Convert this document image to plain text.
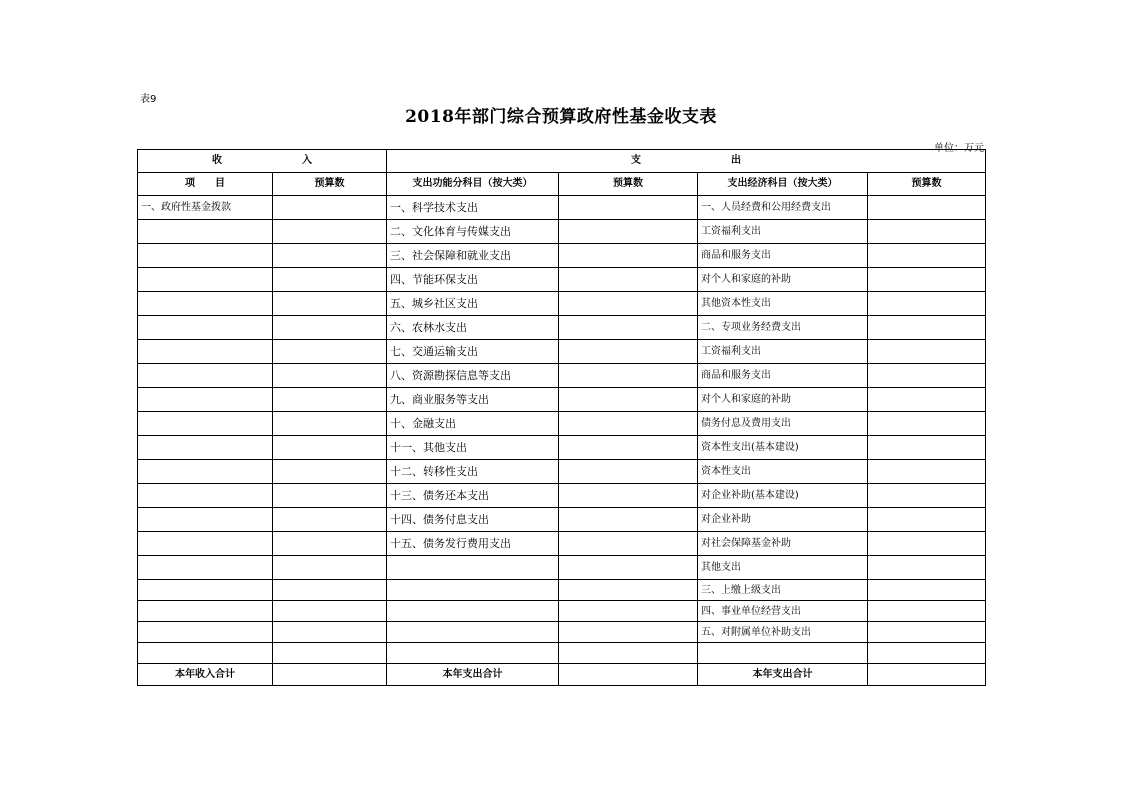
表9
2018年部门综合预算政府性基金收支表
单位：万元
收　　　　　　　　入		支　　　　　　　　　出			
项　　目	预算数	支出功能分科目（按大类）	预算数	支出经济科目（按大类）	预算数
一、政府性基金拨款		一、科学技术支出		一、人员经费和公用经费支出	
		二、文化体育与传媒支出		工资福利支出	
		三、社会保障和就业支出		商品和服务支出	
		四、节能环保支出		对个人和家庭的补助	
		五、城乡社区支出		其他资本性支出	
		六、农林水支出		二、专项业务经费支出	
		七、交通运输支出		工资福利支出	
		八、资源勘探信息等支出		商品和服务支出	
		九、商业服务等支出		对个人和家庭的补助	
		十、金融支出		债务付息及费用支出	
		十一、其他支出		资本性支出(基本建设)	
		十二、转移性支出		资本性支出	
		十三、债务还本支出		对企业补助(基本建设)	
		十四、债务付息支出		对企业补助	
		十五、债务发行费用支出		对社会保障基金补助	
				其他支出	
				三、上缴上级支出	
				四、事业单位经营支出	
				五、对附属单位补助支出	

本年收入合计		本年支出合计		本年支出合计	
